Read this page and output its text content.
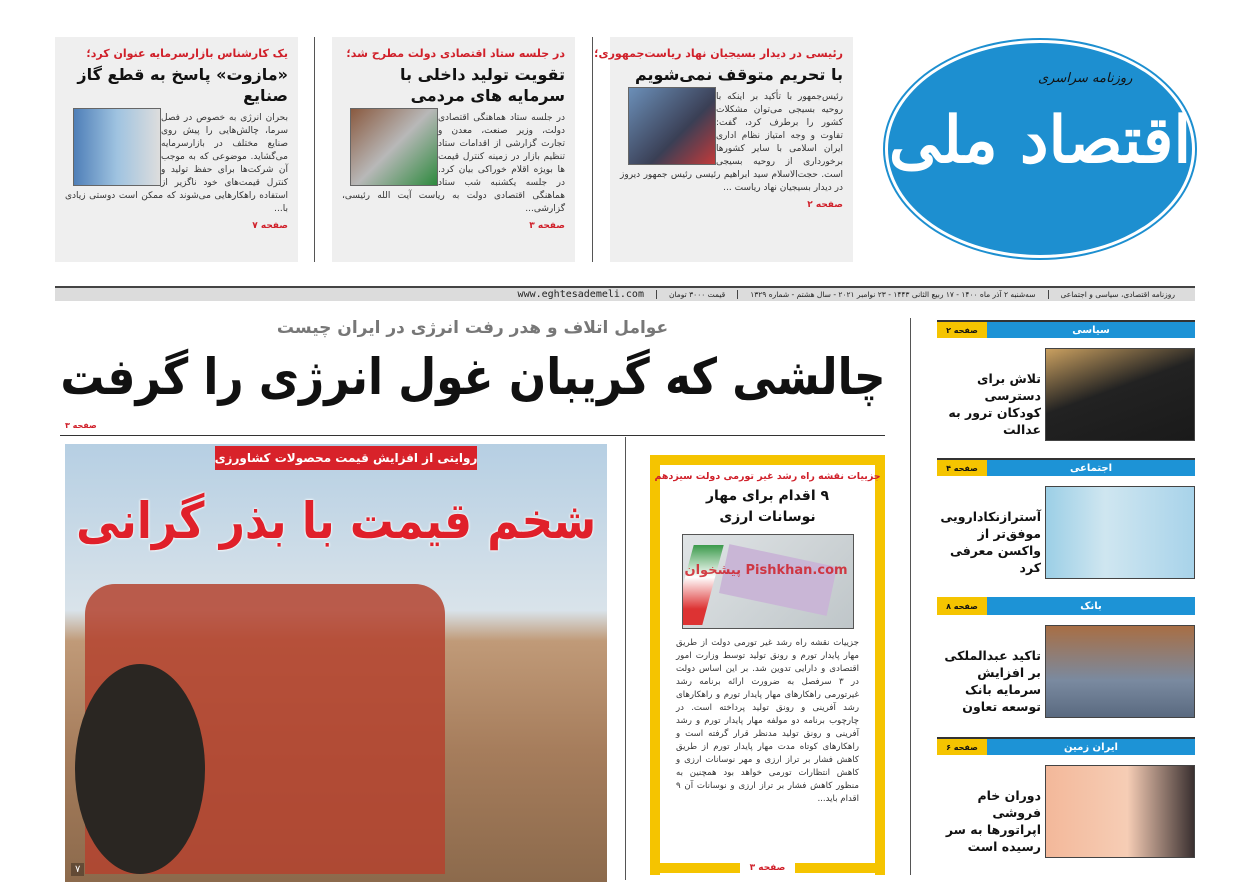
رئیسی در دیدار بسیجیان نهاد ریاست‌جمهوری؛
با تحریم متوقف نمی‌شویم
رئیس‌جمهور با تأکید بر اینکه با روحیه بسیجی می‌توان مشکلات کشور را برطرف کرد، گفت: تفاوت و وجه امتیاز نظام اداری ایران اسلامی با سایر کشورها برخورداری از روحیه بسیجی است. حجت‌الاسلام سید ابراهیم رئیسی رئیس جمهور دیروز در دیدار بسیجیان نهاد ریاست ...
صفحه ۲
در جلسه ستاد اقتصادی دولت مطرح شد؛
تقویت تولید داخلی با سرمایه های مردمی
در جلسه ستاد هماهنگی اقتصادی دولت، وزیر صنعت، معدن و تجارت گزارشی از اقدامات ستاد تنظیم بازار در زمینه کنترل قیمت ها بویژه اقلام خوراکی بیان کرد. در جلسه یکشنبه شب ستاد هماهنگی اقتصادی دولت به ریاست آیت الله رئیسی، گزارشی...
صفحه ۳
یک کارشناس بازارسرمایه عنوان کرد؛
«مازوت» پاسخ به قطع گاز صنایع
بحران انرژی به خصوص در فصل سرما، چالش‌هایی را پیش روی صنایع مختلف در بازارسرمایه می‌گشاید. موضوعی که به موجب آن شرکت‌ها برای حفظ تولید و کنترل قیمت‌های خود ناگزیر از استفاده راهکارهایی می‌شوند که ممکن است دوستی زیادی با...
صفحه ۷
روزنامه سراسری
اقتصاد ملی
روزنامه اقتصادی، سیاسی و اجتماعی
سه‌شنبه ۲ آذر ماه ۱۴۰۰ - ۱۷ ربیع الثانی ۱۴۴۳ - ۲۳ نوامبر ۲۰۲۱ - سال هشتم - شماره ۱۳۲۹
قیمت ۳۰۰۰ تومان
www.eghtesademeli.com
صفحه ۲	سیاسی
تلاش برای دسترسی کودکان ترور به عدالت
صفحه ۴	اجتماعی
آسترازنکادارویی موفق‌تر از واکسن معرفی کرد
صفحه ۸	بانک
تاکید عبدالملکی بر افزایش سرمایه بانک توسعه تعاون
صفحه ۶	ایران زمین
دوران خام فروشی اپراتورها به سر رسیده است
عوامل اتلاف و هدر رفت انرژی در ایران چیست
چالشی که گریبان غول انرژی را گرفت
صفحه ۳
روایتی از افزایش قیمت محصولات کشاورزی
شخم قیمت با بذر گرانی
۷
جزییات نقشه راه رشد غیر تورمی دولت سیزدهم
۹ اقدام برای مهار نوسانات ارزی
پیشخوان Pishkhan.com
جزییات نقشه راه رشد غیر تورمی دولت از طریق مهار پایدار تورم و رونق تولید توسط وزارت امور اقتصادی و دارایی تدوین شد. بر این اساس دولت در ۳ سرفصل به ضرورت ارائه برنامه رشد غیرتورمی راهکارهای مهار پایدار تورم و راهکارهای رشد آفرینی و رونق تولید پرداخته است. در چارچوب برنامه دو مولفه مهار پایدار تورم و رشد آفرینی و رونق تولید مدنظر قرار گرفته است و راهکارهای کوتاه مدت مهار پایدار تورم از طریق کاهش فشار بر تراز ارزی و مهر نوسانات ارزی و کاهش انتظارات تورمی خواهد بود همچنین به منظور کاهش فشار بر تراز ارزی و نوسانات آن ۹ اقدام باید...
صفحه ۳
